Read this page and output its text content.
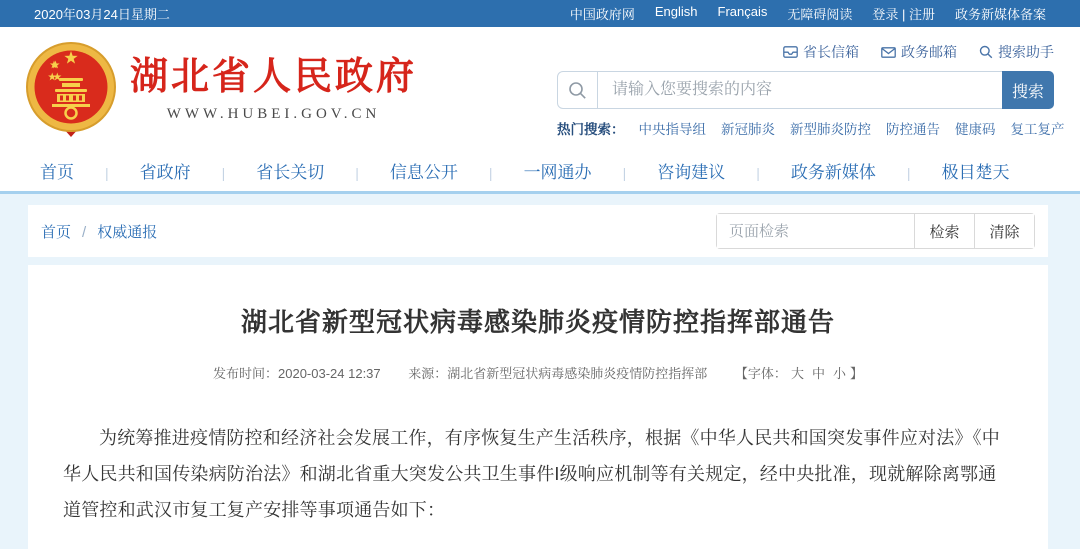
2020年03月24日星期二	中国政府网 English Français 无障碍阅读 登录 | 注册 政务新媒体备案
湖北省人民政府
WWW.HUBEI.GOV.CN
省长信箱	政务邮箱	搜索助手
请输入您要搜索的内容
搜索
热门搜索： 中央指导组 新冠肺炎 新型肺炎防控 防控通告 健康码 复工复产
首页	| 省政府	| 省长关切	| 信息公开	| 一网通办	| 咨询建议	| 政务新媒体	| 极目楚天
首页	/ 权威通报
页面检索	检索	清除
湖北省新型冠状病毒感染肺炎疫情防控指挥部通告
发布时间：2020-03-24 12:37 来源：湖北省新型冠状病毒感染肺炎疫情防控指挥部 【字体： 大 中 小 】

为统筹推进疫情防控和经济社会发展工作，有序恢复生产生活秩序，根据《中华人民共和国突发事件应对法》《中华人民共和国传染病防治法》和湖北省重大突发公共卫生事件I级响应机制等有关规定，经中央批准，现就解除离鄂通道管控和武汉市复工复产安排等事项通告如下：
